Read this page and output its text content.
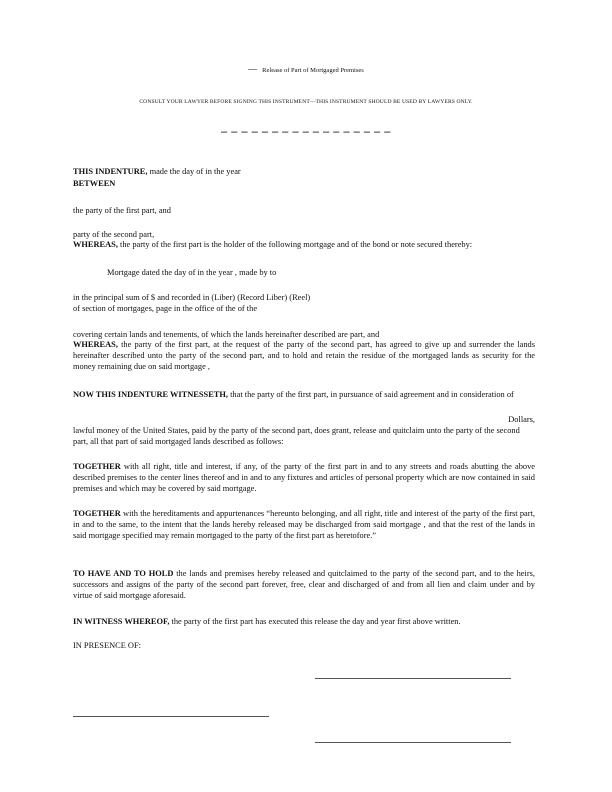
— Release of Part of Mortgaged Premises
CONSULT YOUR LAWYER BEFORE SIGNING THIS INSTRUMENT—THIS INSTRUMENT SHOULD BE USED BY LAWYERS ONLY.
_ _ _ _ _ _ _ _ _ _ _ _ _ _ _ _ _
THIS INDENTURE, made the day of in the year
BETWEEN
the party of the first part, and
party of the second part,
WHEREAS, the party of the first part is the holder of the following mortgage and of the bond or note secured thereby:
Mortgage dated the day of in the year , made by to
in the principal sum of $ and recorded in (Liber) (Record Liber) (Reel)
of section of mortgages, page in the office of the of the
covering certain lands and tenements, of which the lands hereinafter described are part, and
WHEREAS, the party of the first part, at the request of the party of the second part, has agreed to give up and surrender the lands hereinafter described unto the party of the second part, and to hold and retain the residue of the mortgaged lands as security for the money remaining due on said mortgage ,
NOW THIS INDENTURE WITNESSETH, that the party of the first part, in pursuance of said agreement and in consideration of
Dollars,
lawful money of the United States, paid by the party of the second part, does grant, release and quitclaim unto the party of the second part, all that part of said mortgaged lands described as follows:
TOGETHER with all right, title and interest, if any, of the party of the first part in and to any streets and roads abutting the above described premises to the center lines thereof and in and to any fixtures and articles of personal property which are now contained in said premises and which may be covered by said mortgage.
TOGETHER with the hereditaments and appurtenances “hereunto belonging, and all right, title and interest of the party of the first part, in and to the same, to the intent that the lands hereby released may be discharged from said mortgage , and that the rest of the lands in said mortgage specified may remain mortgaged to the party of the first part as heretofore.”
TO HAVE AND TO HOLD the lands and premises hereby released and quitclaimed to the party of the second part, and to the heirs, successors and assigns of the party of the second part forever, free, clear and discharged of and from all lien and claim under and by virtue of said mortgage aforesaid.
IN WITNESS WHEREOF, the party of the first part has executed this release the day and year first above written.
IN PRESENCE OF:
